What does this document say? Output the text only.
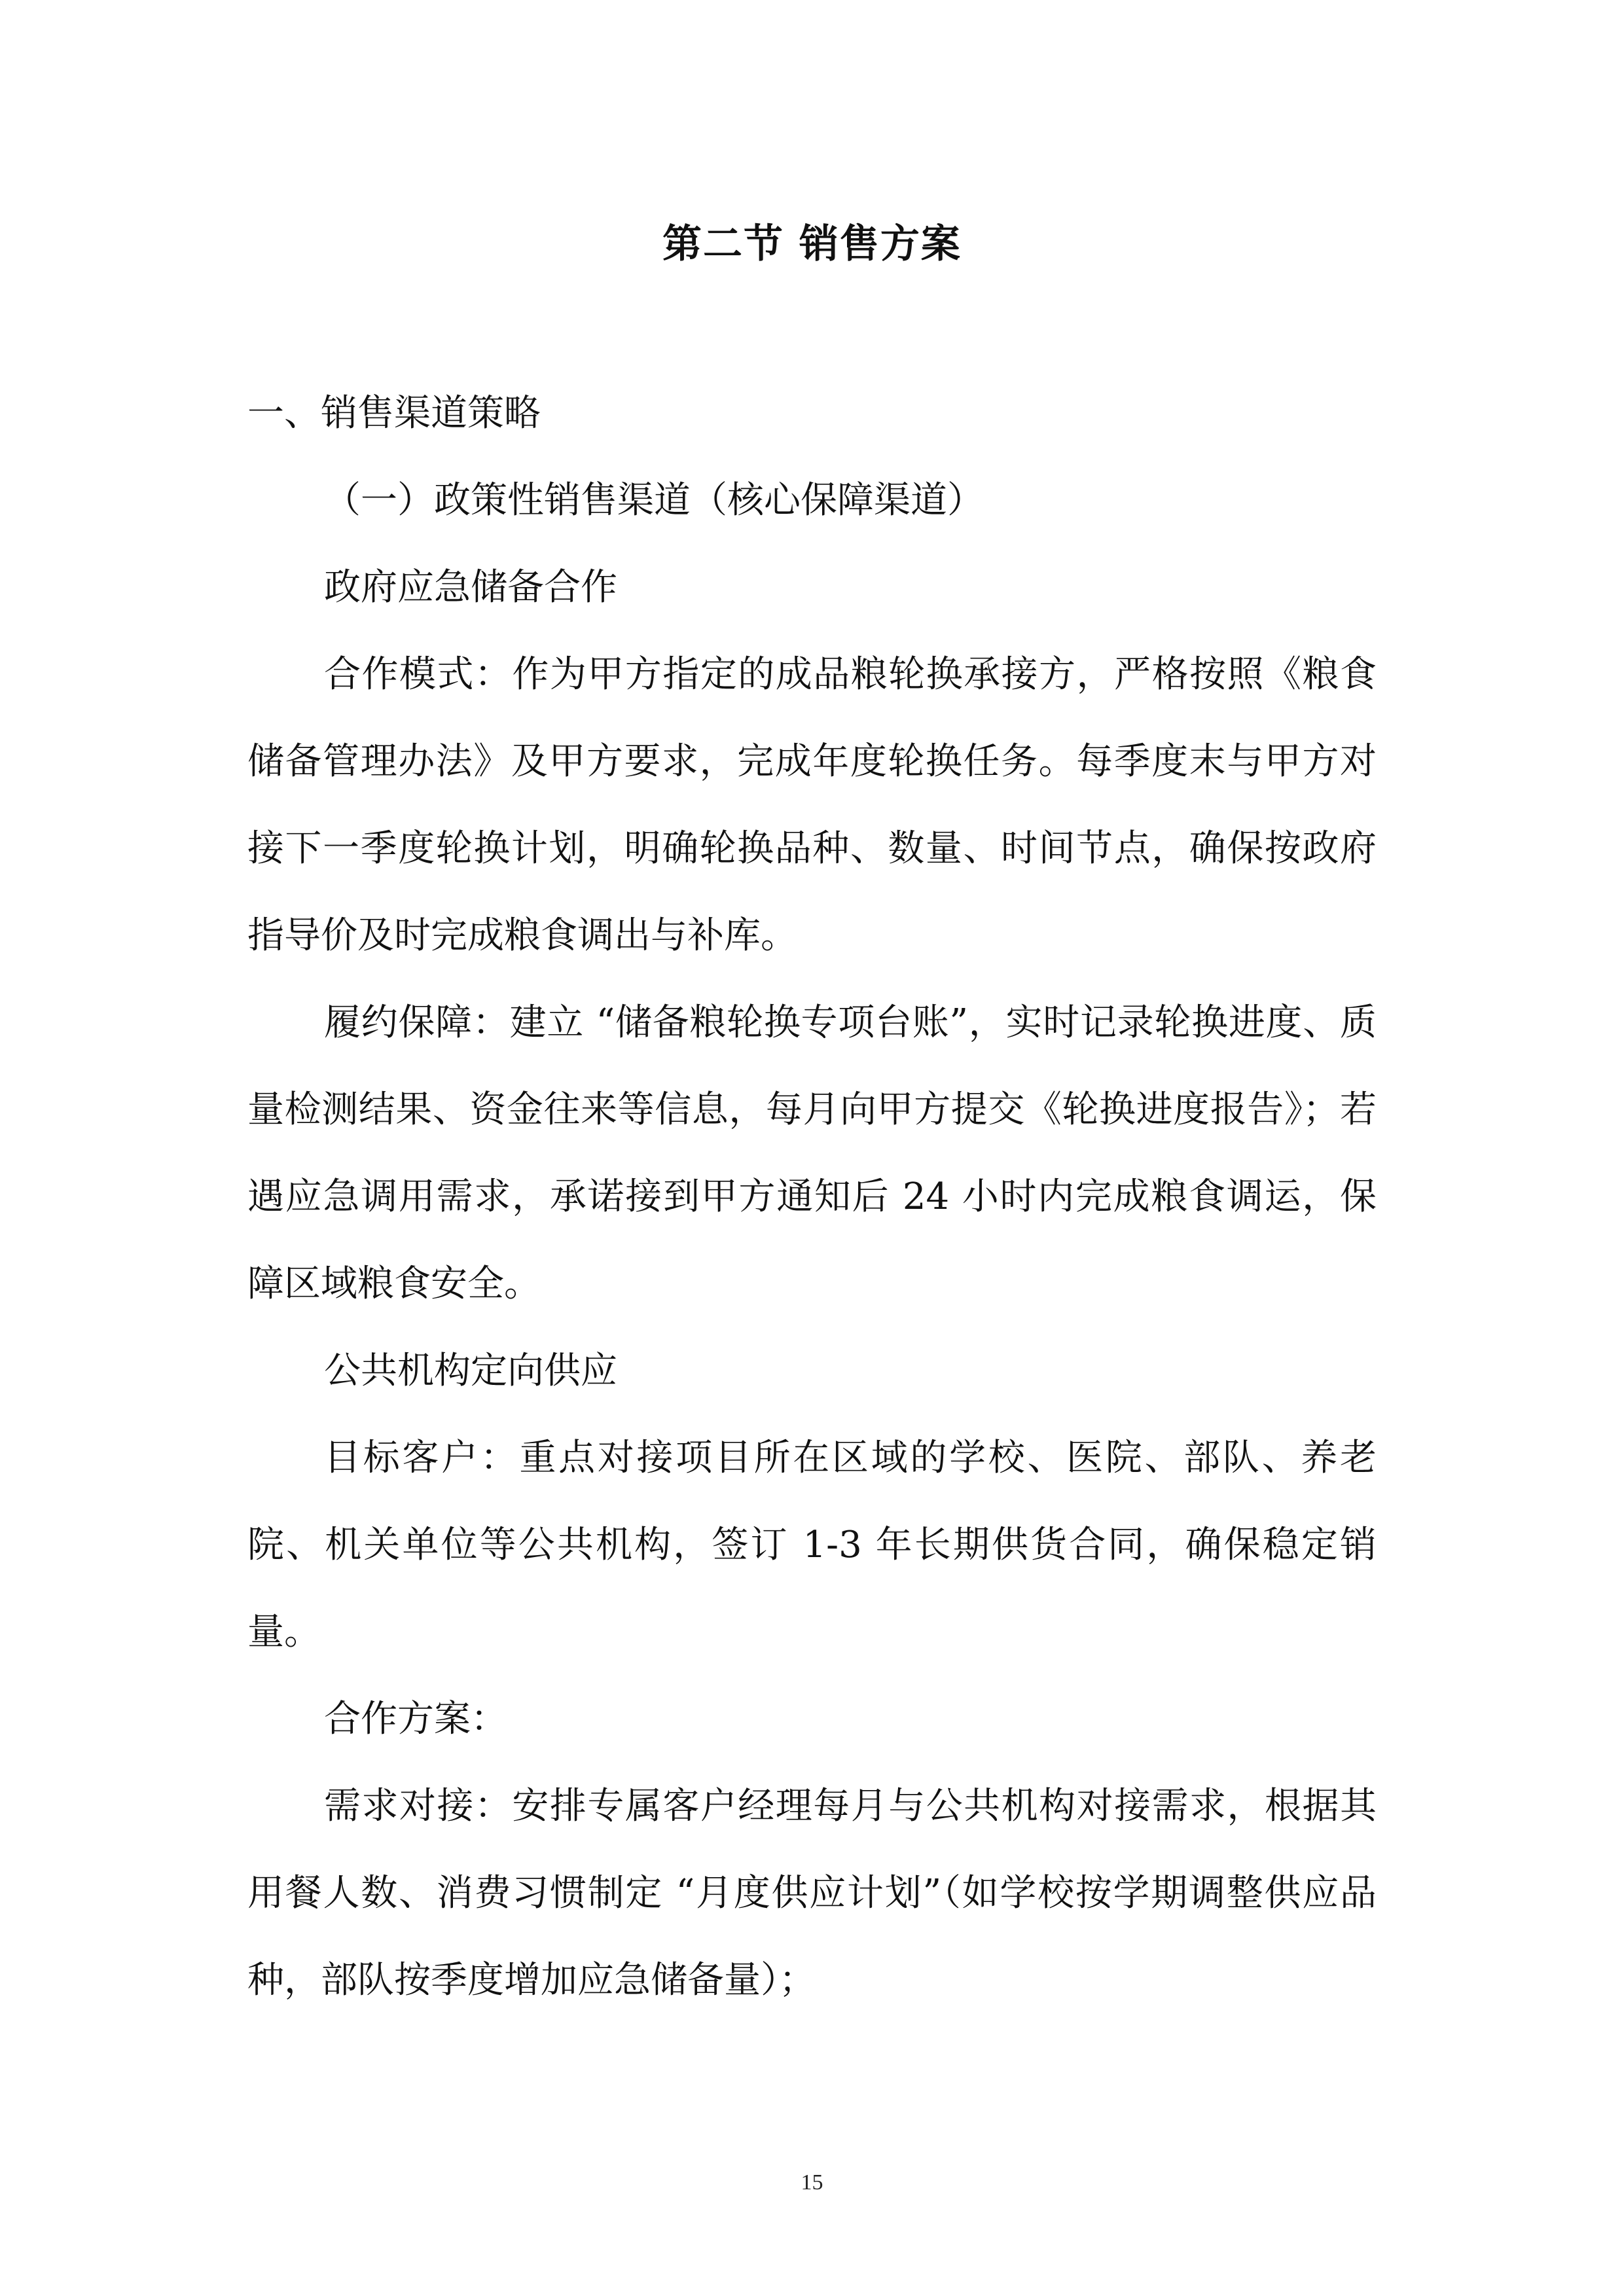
第二节 销售方案

一、销售渠道策略

（一）政策性销售渠道（核心保障渠道）

政府应急储备合作

合作模式：作为甲方指定的成品粮轮换承接方，严格按照《粮食储备管理办法》及甲方要求，完成年度轮换任务。每季度末与甲方对接下一季度轮换计划，明确轮换品种、数量、时间节点，确保按政府指导价及时完成粮食调出与补库。

履约保障：建立 “储备粮轮换专项台账”，实时记录轮换进度、质量检测结果、资金往来等信息，每月向甲方提交《轮换进度报告》；若遇应急调用需求，承诺接到甲方通知后 24 小时内完成粮食调运，保障区域粮食安全。

公共机构定向供应

目标客户：重点对接项目所在区域的学校、医院、部队、养老院、机关单位等公共机构，签订 1-3 年长期供货合同，确保稳定销量。

合作方案：

需求对接：安排专属客户经理每月与公共机构对接需求，根据其用餐人数、消费习惯制定 “月度供应计划”（如学校按学期调整供应品种，部队按季度增加应急储备量）；

15
